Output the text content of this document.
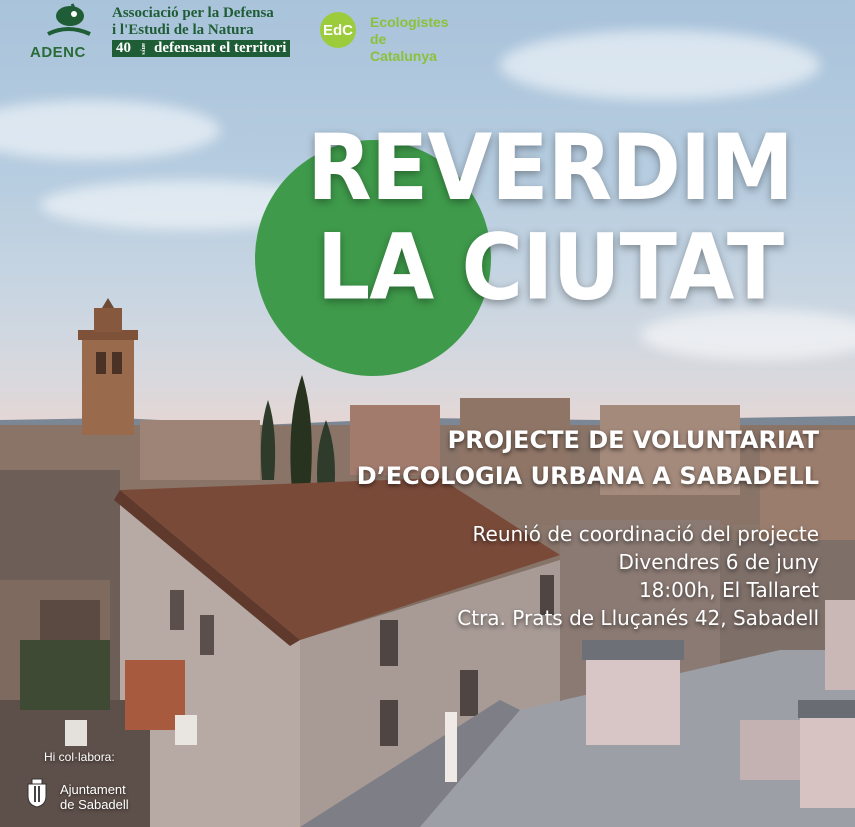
ADENC
Associació per la Defensa
i l'Estudi de la Natura
40	anys defensant el territori
EdC Ecologistes
de Catalunya
REVERDIM
LA CIUTAT
PROJECTE DE VOLUNTARIAT
D’ECOLOGIA URBANA A SABADELL
Reunió de coordinació del projecte
Divendres 6 de juny
18:00h, El Tallaret
Ctra. Prats de Lluçanés 42, Sabadell
Hi col·labora:
Ajuntament
de Sabadell
